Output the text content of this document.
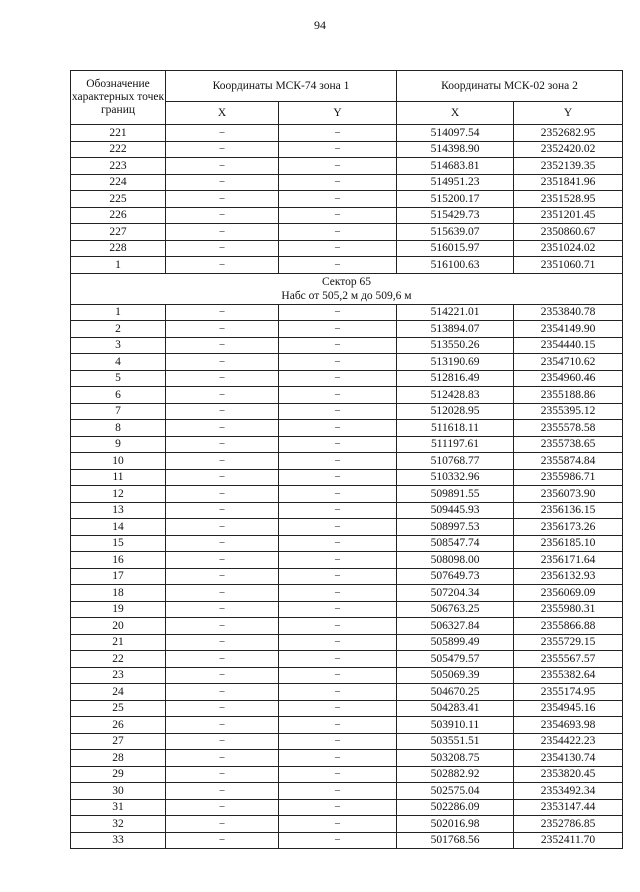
94
Обозначение характерных точек границ	Координаты МСК-74 зона 1		Координаты МСК-02 зона 2	
	X	Y	X	Y
221	–	–	514097.54	2352682.95
222	–	–	514398.90	2352420.02
223	–	–	514683.81	2352139.35
224	–	–	514951.23	2351841.96
225	–	–	515200.17	2351528.95
226	–	–	515429.73	2351201.45
227	–	–	515639.07	2350860.67
228	–	–	516015.97	2351024.02
1	–	–	516100.63	2351060.71

Сектор 65
Набс от 505,2 м до 509,6 м				

1	–	–	514221.01	2353840.78
2	–	–	513894.07	2354149.90
3	–	–	513550.26	2354440.15
4	–	–	513190.69	2354710.62
5	–	–	512816.49	2354960.46
6	–	–	512428.83	2355188.86
7	–	–	512028.95	2355395.12
8	–	–	511618.11	2355578.58
9	–	–	511197.61	2355738.65
10	–	–	510768.77	2355874.84
11	–	–	510332.96	2355986.71
12	–	–	509891.55	2356073.90
13	–	–	509445.93	2356136.15
14	–	–	508997.53	2356173.26
15	–	–	508547.74	2356185.10
16	–	–	508098.00	2356171.64
17	–	–	507649.73	2356132.93
18	–	–	507204.34	2356069.09
19	–	–	506763.25	2355980.31
20	–	–	506327.84	2355866.88
21	–	–	505899.49	2355729.15
22	–	–	505479.57	2355567.57
23	–	–	505069.39	2355382.64
24	–	–	504670.25	2355174.95
25	–	–	504283.41	2354945.16
26	–	–	503910.11	2354693.98
27	–	–	503551.51	2354422.23
28	–	–	503208.75	2354130.74
29	–	–	502882.92	2353820.45
30	–	–	502575.04	2353492.34
31	–	–	502286.09	2353147.44
32	–	–	502016.98	2352786.85
33	–	–	501768.56	2352411.70
